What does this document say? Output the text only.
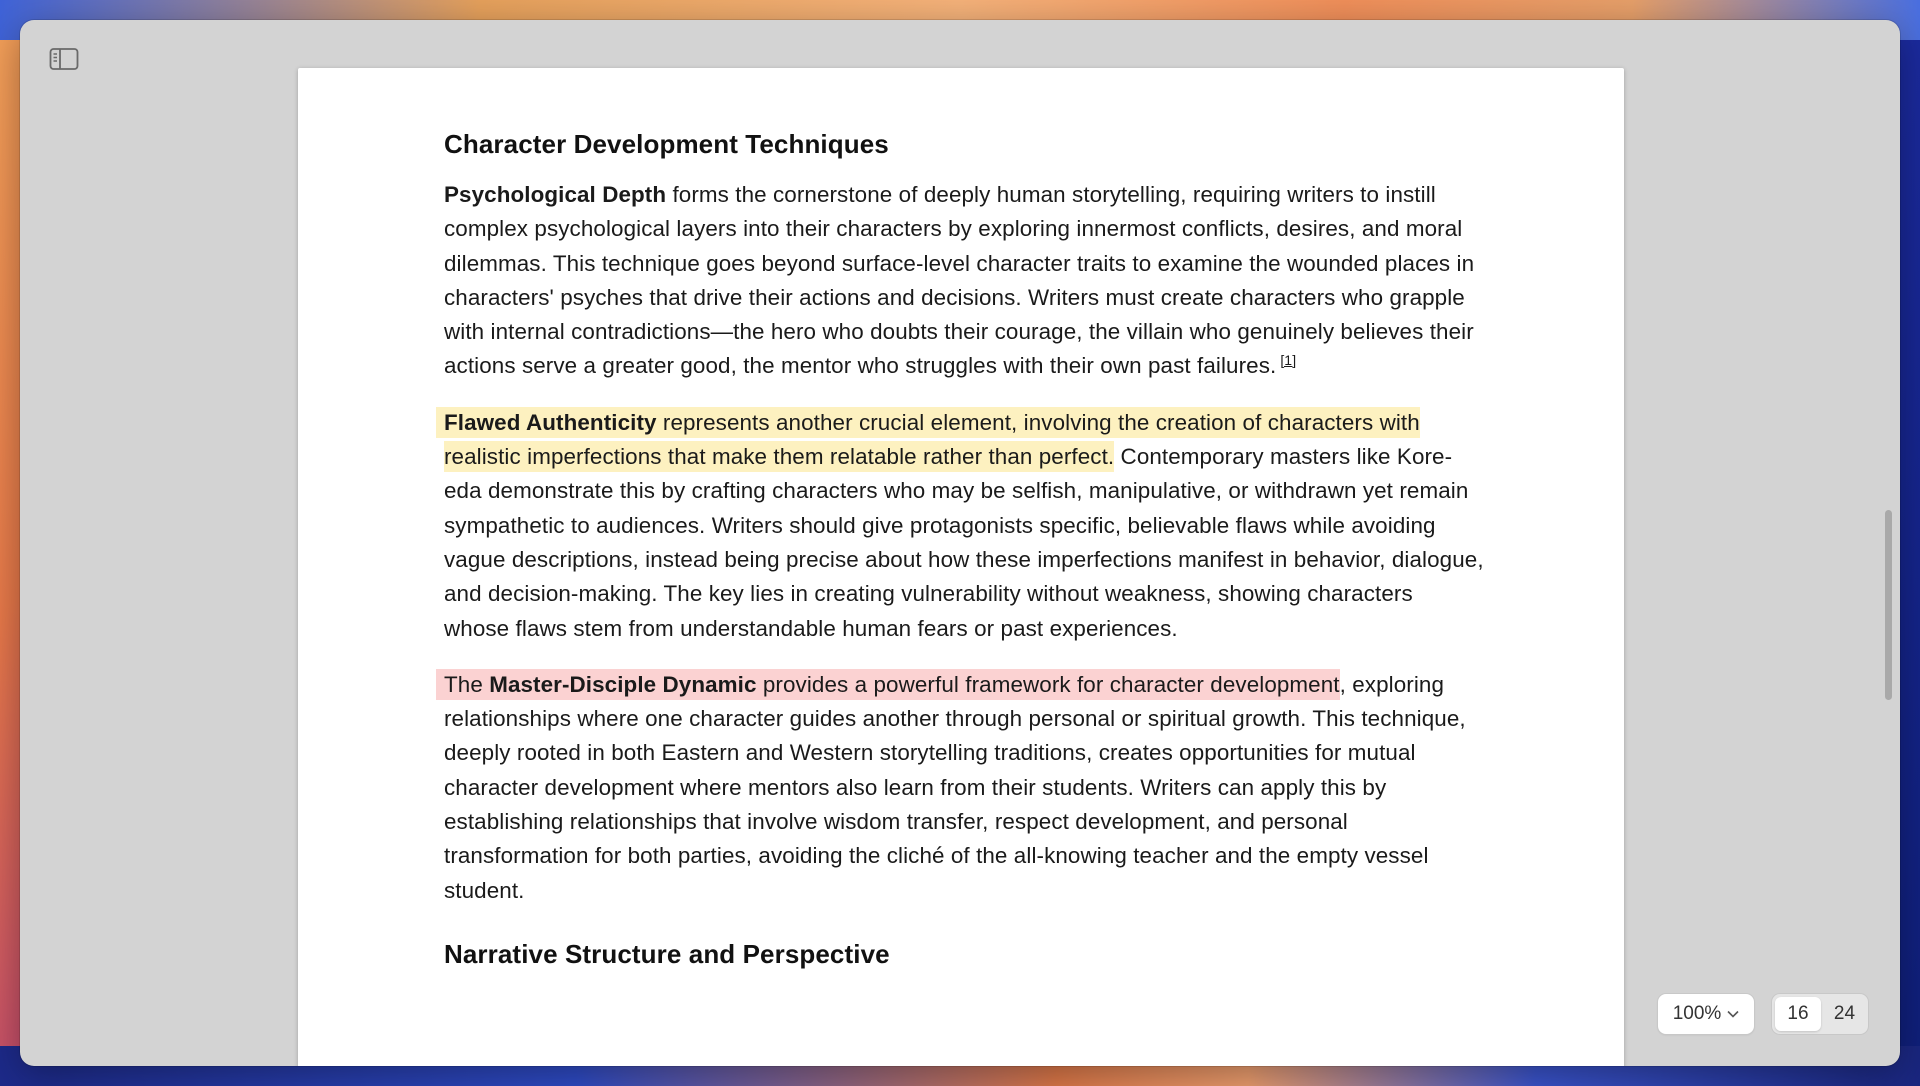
Character Development Techniques

Psychological Depth forms the cornerstone of deeply human storytelling, requiring writers to instill complex psychological layers into their characters by exploring innermost conflicts, desires, and moral dilemmas. This technique goes beyond surface-level character traits to examine the wounded places in characters' psyches that drive their actions and decisions. Writers must create characters who grapple with internal contradictions—the hero who doubts their courage, the villain who genuinely believes their actions serve a greater good, the mentor who struggles with their own past failures. [1]

Flawed Authenticity represents another crucial element, involving the creation of characters with realistic imperfections that make them relatable rather than perfect. Contemporary masters like Kore-eda demonstrate this by crafting characters who may be selfish, manipulative, or withdrawn yet remain sympathetic to audiences. Writers should give protagonists specific, believable flaws while avoiding vague descriptions, instead being precise about how these imperfections manifest in behavior, dialogue, and decision-making. The key lies in creating vulnerability without weakness, showing characters whose flaws stem from understandable human fears or past experiences.

The Master-Disciple Dynamic provides a powerful framework for character development, exploring relationships where one character guides another through personal or spiritual growth. This technique, deeply rooted in both Eastern and Western storytelling traditions, creates opportunities for mutual character development where mentors also learn from their students. Writers can apply this by establishing relationships that involve wisdom transfer, respect development, and personal transformation for both parties, avoiding the cliché of the all-knowing teacher and the empty vessel student.

Narrative Structure and Perspective
100%	16	24
